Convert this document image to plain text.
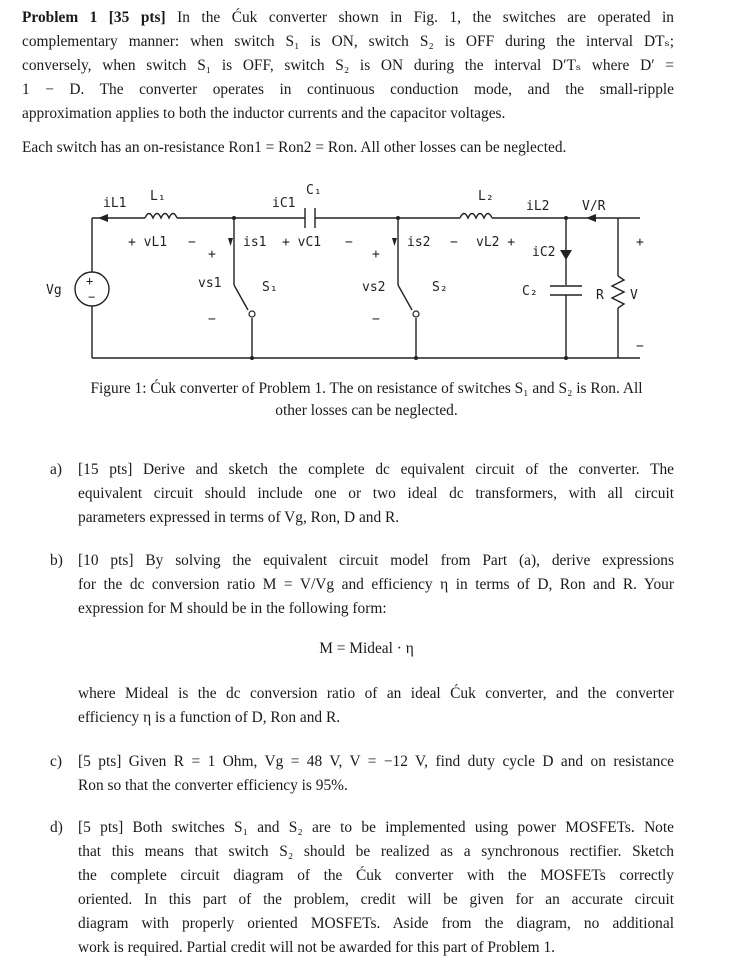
Problem 1 [35 pts] In the Ćuk converter shown in Fig. 1, the switches are operated in
complementary manner: when switch S₁ is ON, switch S₂ is OFF during the interval DTₛ;
conversely, when switch S₁ is OFF, switch S₂ is ON during the interval D′Tₛ where D′ =
1 − D. The converter operates in continuous conduction mode, and the small-ripple
approximation applies to both the inductor currents and the capacitor voltages.
Each switch has an on-resistance Ron1 = Ron2 = Ron. All other losses can be neglected.
L₁
iL1
+ vL1 −
+
vs1
−
is1
S₁
iC1
C₁
+ vC1 −
+
vs2
−
is2
S₂
L₂
− vL2 +
iL2
iC2
C₂
V/R
R
+
V
−
Vg
+
−
Figure 1: Ćuk converter of Problem 1. The on resistance of switches S₁ and S₂ is Ron. All
other losses can be neglected.
a) [15 pts] Derive and sketch the complete dc equivalent circuit of the converter. The
equivalent circuit should include one or two ideal dc transformers, with all circuit
parameters expressed in terms of Vg, Ron, D and R.
b) [10 pts] By solving the equivalent circuit model from Part (a), derive expressions
for the dc conversion ratio M = V/Vg and efficiency η in terms of D, Ron and R. Your
expression for M should be in the following form:
M = Mideal · η
where Mideal is the dc conversion ratio of an ideal Ćuk converter, and the converter
efficiency η is a function of D, Ron and R.
c) [5 pts] Given R = 1 Ohm, Vg = 48 V, V = −12 V, find duty cycle D and on resistance
Ron so that the converter efficiency is 95%.
d) [5 pts] Both switches S₁ and S₂ are to be implemented using power MOSFETs. Note
that this means that switch S₂ should be realized as a synchronous rectifier. Sketch
the complete circuit diagram of the Ćuk converter with the MOSFETs correctly
oriented. In this part of the problem, credit will be given for an accurate circuit
diagram with properly oriented MOSFETs. Aside from the diagram, no additional
work is required. Partial credit will not be awarded for this part of Problem 1.
